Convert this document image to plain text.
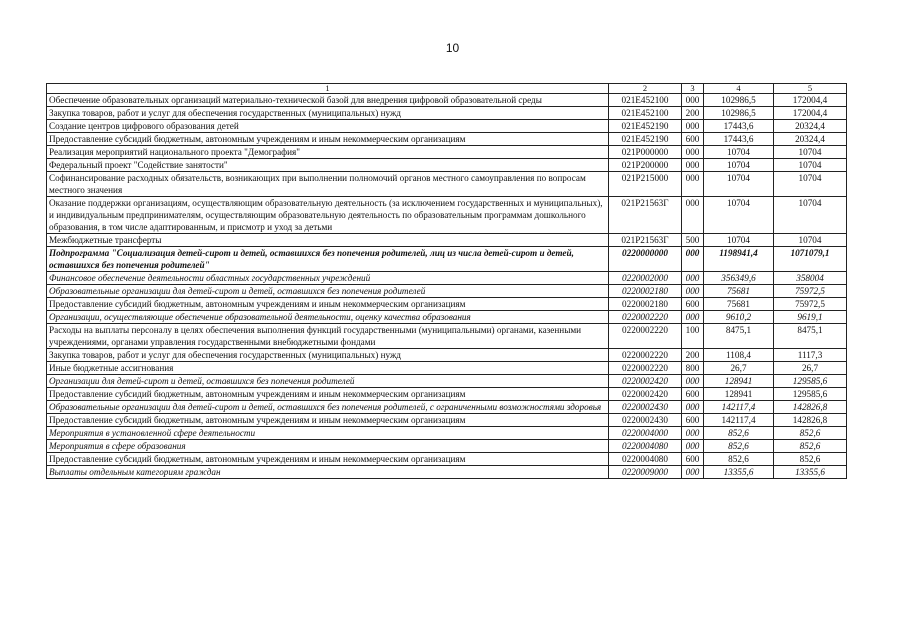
10
1	2	3	4	5
Обеспечение образовательных организаций материально-технической базой для внедрения цифровой образовательной среды	021E452100	000	102986,5	172004,4
Закупка товаров, работ и услуг для обеспечения государственных (муниципальных) нужд	021E452100	200	102986,5	172004,4
Создание центров цифрового образования детей	021E452190	000	17443,6	20324,4
Предоставление субсидий бюджетным, автономным учреждениям и иным некоммерческим организациям	021E452190	600	17443,6	20324,4
Реализация мероприятий национального проекта "Демография"	021P000000	000	10704	10704
Федеральный проект "Содействие занятости"	021P200000	000	10704	10704
Софинансирование расходных обязательств, возникающих при выполнении полномочий органов местного самоуправления по вопросам местного значения	021P215000	000	10704	10704
Оказание поддержки организациям, осуществляющим образовательную деятельность (за исключением государственных и муниципальных), и индивидуальным предпринимателям, осуществляющим образовательную деятельность по образовательным программам дошкольного образования, в том числе адаптированным, и присмотр и уход за детьми	021P21563Г	000	10704	10704
Межбюджетные трансферты	021P21563Г	500	10704	10704
Подпрограмма "Социализация детей-сирот и детей, оставшихся без попечения родителей, лиц из числа детей-сирот и детей, оставшихся без попечения родителей"	0220000000	000	1198941,4	1071079,1
Финансовое обеспечение деятельности областных государственных учреждений	0220002000	000	356349,6	358004
Образовательные организации для детей-сирот и детей, оставшихся без попечения родителей	0220002180	000	75681	75972,5
Предоставление субсидий бюджетным, автономным учреждениям и иным некоммерческим организациям	0220002180	600	75681	75972,5
Организации, осуществляющие обеспечение образовательной деятельности, оценку качества образования	0220002220	000	9610,2	9619,1
Расходы на выплаты персоналу в целях обеспечения выполнения функций государственными (муниципальными) органами, казенными учреждениями, органами управления государственными внебюджетными фондами	0220002220	100	8475,1	8475,1
Закупка товаров, работ и услуг для обеспечения государственных (муниципальных) нужд	0220002220	200	1108,4	1117,3
Иные бюджетные ассигнования	0220002220	800	26,7	26,7
Организации для детей-сирот и детей, оставшихся без попечения родителей	0220002420	000	128941	129585,6
Предоставление субсидий бюджетным, автономным учреждениям и иным некоммерческим организациям	0220002420	600	128941	129585,6
Образовательные организации для детей-сирот и детей, оставшихся без попечения родителей, с ограниченными возможностями здоровья	0220002430	000	142117,4	142826,8
Предоставление субсидий бюджетным, автономным учреждениям и иным некоммерческим организациям	0220002430	600	142117,4	142826,8
Мероприятия в установленной сфере деятельности	0220004000	000	852,6	852,6
Мероприятия в сфере образования	0220004080	000	852,6	852,6
Предоставление субсидий бюджетным, автономным учреждениям и иным некоммерческим организациям	0220004080	600	852,6	852,6
Выплаты отдельным категориям граждан	0220009000	000	13355,6	13355,6
